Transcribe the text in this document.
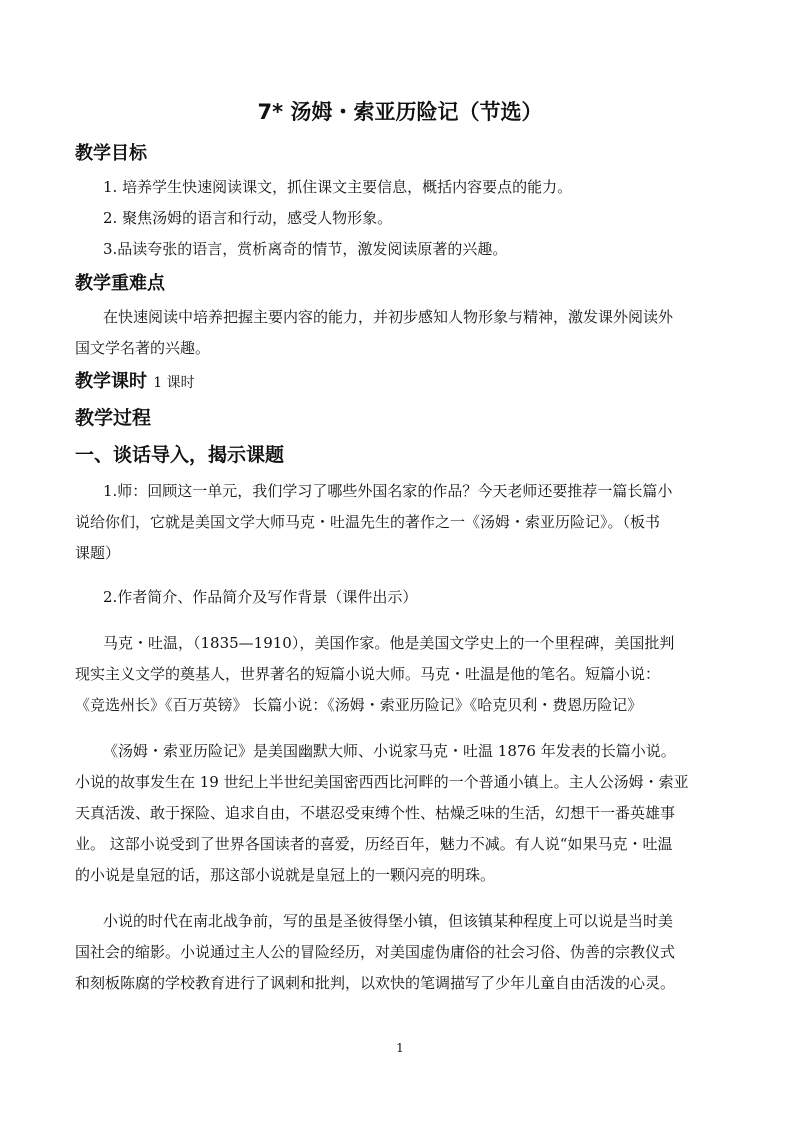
7* 汤姆・索亚历险记（节选）
教学目标
1. 培养学生快速阅读课文，抓住课文主要信息，概括内容要点的能力。
2. 聚焦汤姆的语言和行动，感受人物形象。
3.品读夸张的语言，赏析离奇的情节，激发阅读原著的兴趣。
教学重难点
在快速阅读中培养把握主要内容的能力，并初步感知人物形象与精神，激发课外阅读外
国文学名著的兴趣。
教学课时 1 课时
教学过程
一、谈话导入，揭示课题
1.师：回顾这一单元，我们学习了哪些外国名家的作品？今天老师还要推荐一篇长篇小
说给你们，它就是美国文学大师马克・吐温先生的著作之一《汤姆・索亚历险记》。（板书
课题）
2.作者简介、作品简介及写作背景（课件出示）
马克・吐温，（1835—1910），美国作家。他是美国文学史上的一个里程碑，美国批判
现实主义文学的奠基人，世界著名的短篇小说大师。马克・吐温是他的笔名。短篇小说：
《竞选州长》《百万英镑》 长篇小说：《汤姆・索亚历险记》《哈克贝利・费恩历险记》
《汤姆・索亚历险记》是美国幽默大师、小说家马克・吐温 1876 年发表的长篇小说。
小说的故事发生在 19 世纪上半世纪美国密西西比河畔的一个普通小镇上。主人公汤姆・索亚
天真活泼、敢于探险、追求自由，不堪忍受束缚个性、枯燥乏味的生活，幻想干一番英雄事
业。 这部小说受到了世界各国读者的喜爱，历经百年，魅力不减。有人说“如果马克・吐温
的小说是皇冠的话，那这部小说就是皇冠上的一颗闪亮的明珠。
小说的时代在南北战争前，写的虽是圣彼得堡小镇，但该镇某种程度上可以说是当时美
国社会的缩影。小说通过主人公的冒险经历，对美国虚伪庸俗的社会习俗、伪善的宗教仪式
和刻板陈腐的学校教育进行了讽刺和批判，以欢快的笔调描写了少年儿童自由活泼的心灵。
1
